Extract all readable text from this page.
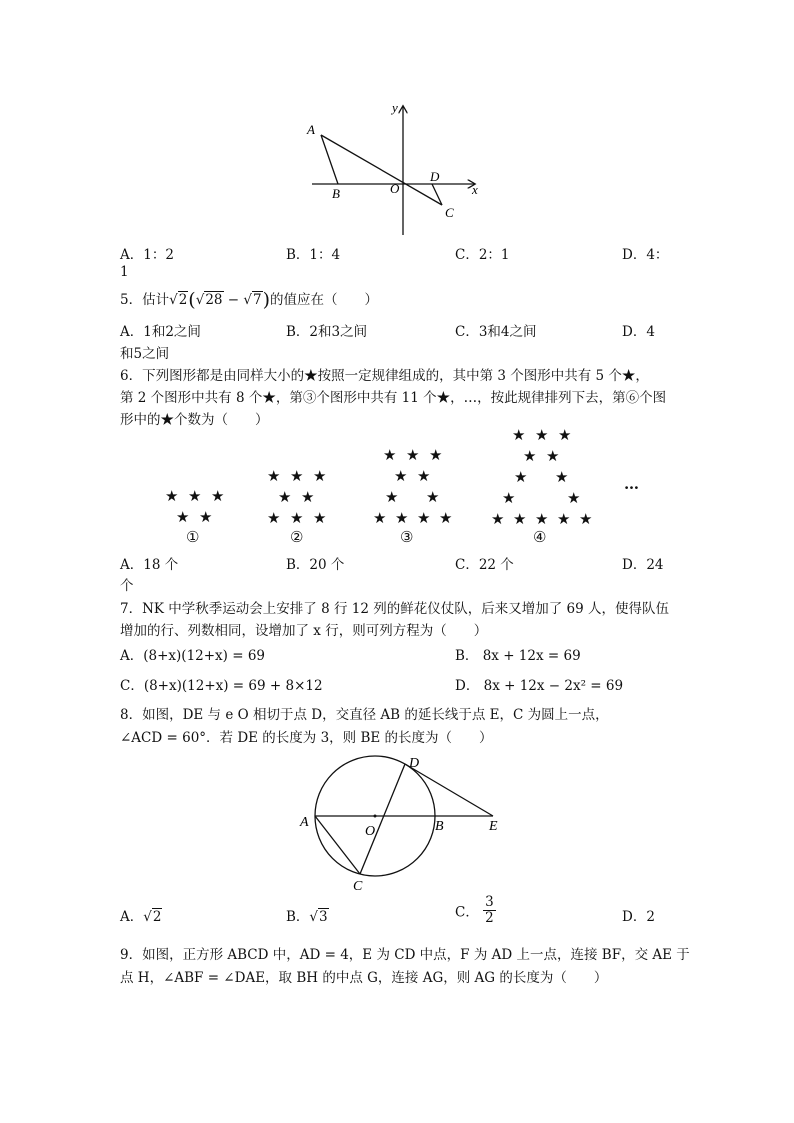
y
x
A
B	O
D
C
A．1：2	B．1：4	C．2：1	D．4：
1
5．估计√2(√28 − √7)的值应在（　　）
A．1和2之间	B．2和3之间	C．3和4之间	D．4
和5之间
6．下列图形都是由同样大小的★按照一定规律组成的，其中第 3 个图形中共有 5 个★，
第 2 个图形中共有 8 个★，第③个图形中共有 11 个★，…，按此规律排列下去，第⑥个图
形中的★个数为（　　）
★ ★ ★
★ ★
①
★ ★ ★
★ ★
★ ★ ★
②
★ ★ ★
★ ★
★ ★
★ ★ ★ ★
③
★ ★ ★
★ ★
★ ★
★	★
★ ★ ★ ★ ★
④
…
A．18 个	B．20 个	C．22 个	D．24
个
7．NK 中学秋季运动会上安排了 8 行 12 列的鲜花仪仗队，后来又增加了 69 人，使得队伍
增加的行、列数相同，设增加了 x 行，则可列方程为（　　）
A．(8+x)(12+x) = 69	B． 8x + 12x = 69
C．(8+x)(12+x) = 69 + 8×12	D． 8x + 12x − 2x² = 69
8．如图，DE 与 e O 相切于点 D，交直径 AB 的延长线于点 E，C 为圆上一点，
∠ACD = 60°．若 DE 的长度为 3，则 BE 的长度为（　　）
A
O	B	E
D
C
A．√2	B．√3	C． $\frac{3}{2}$	D．2
9．如图，正方形 ABCD 中，AD = 4，E 为 CD 中点，F 为 AD 上一点，连接 BF，交 AE 于
点 H，∠ABF = ∠DAE，取 BH 的中点 G，连接 AG，则 AG 的长度为（　　）
